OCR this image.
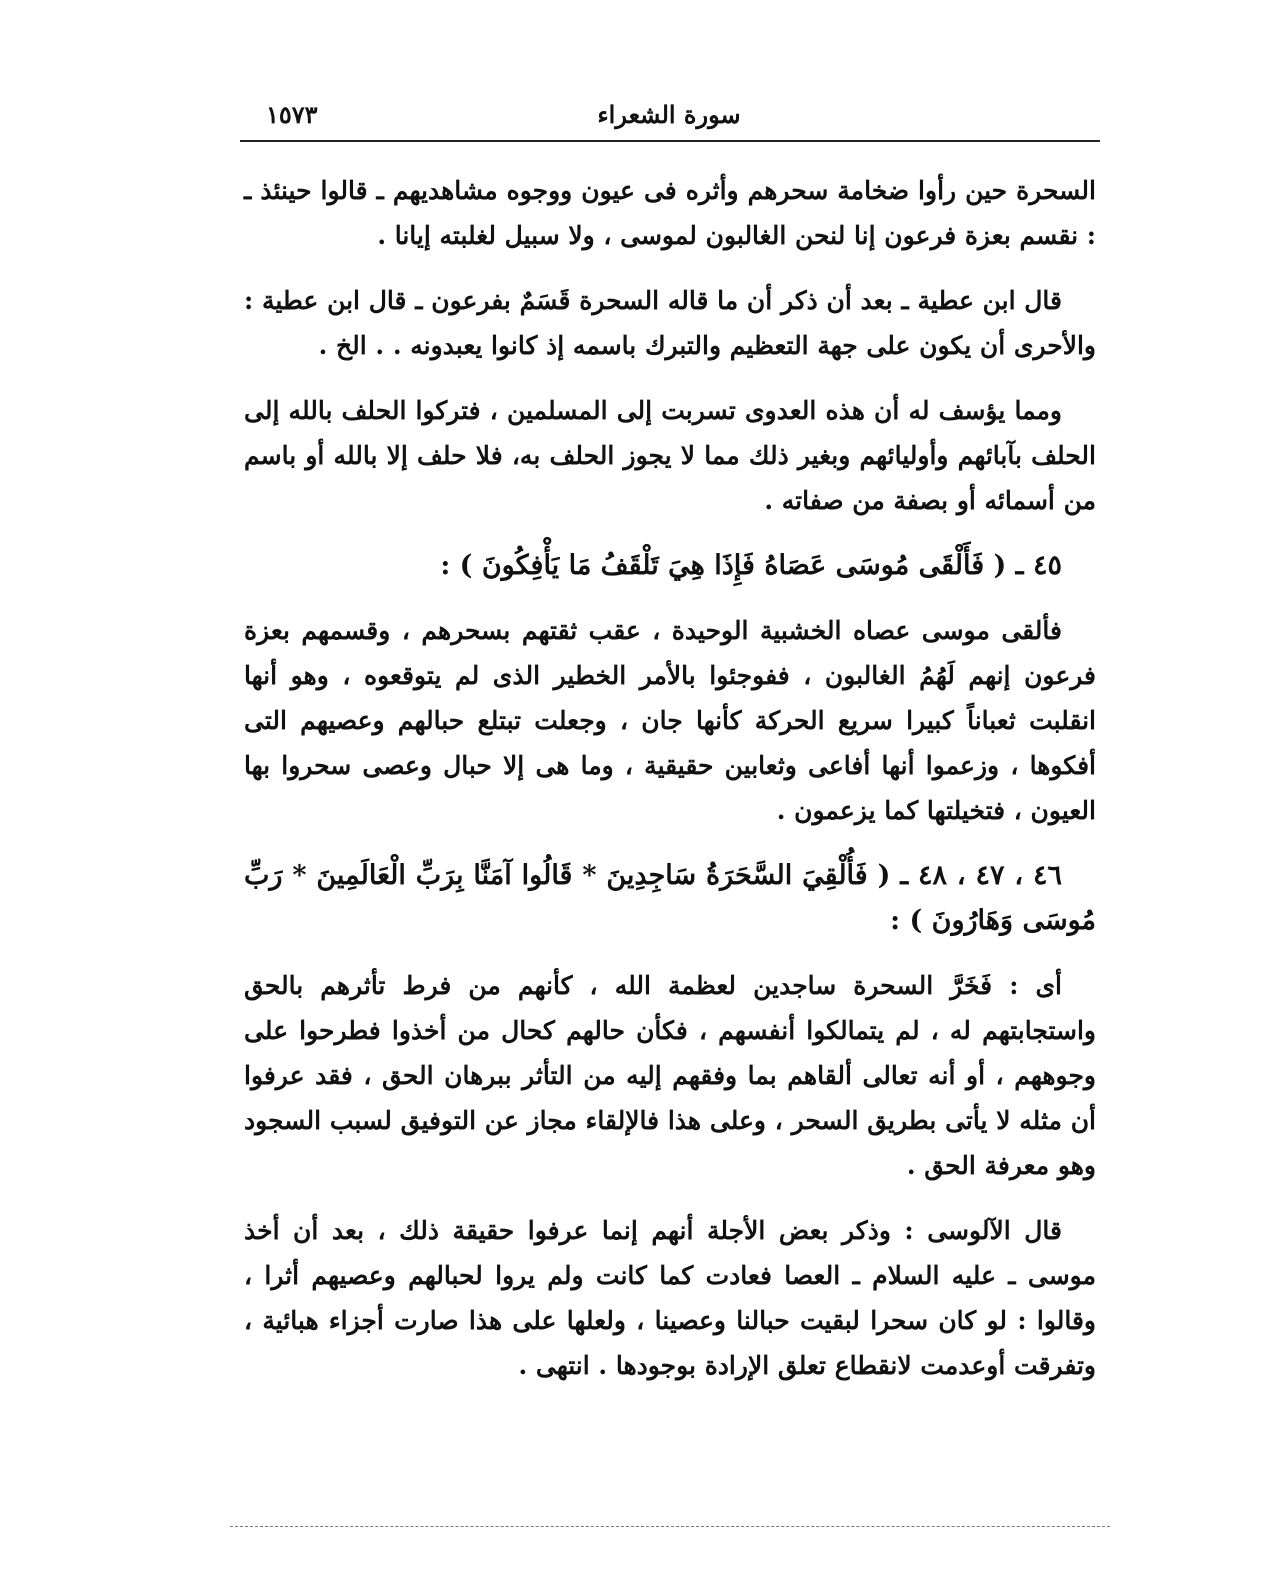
سورة الشعراء
١٥٧٣

السحرة حين رأوا ضخامة سحرهم وأثره فى عيون ووجوه مشاهديهم ـ قالوا حينئذ ـ : نقسم بعزة فرعون إنا لنحن الغالبون لموسى ، ولا سبيل لغلبته إيانا .

قال ابن عطية ـ بعد أن ذكر أن ما قاله السحرة قَسَمٌ بفرعون ـ قال ابن عطية : والأحرى أن يكون على جهة التعظيم والتبرك باسمه إذ كانوا يعبدونه . . الخ .

ومما يؤسف له أن هذه العدوى تسربت إلى المسلمين ، فتركوا الحلف بالله إلى الحلف بآبائهم وأوليائهم وبغير ذلك مما لا يجوز الحلف به، فلا حلف إلا بالله أو باسم من أسمائه أو بصفة من صفاته .

٤٥ ـ ( فَأَلْقَى مُوسَى عَصَاهُ فَإِذَا هِيَ تَلْقَفُ مَا يَأْفِكُونَ ) :

فألقى موسى عصاه الخشبية الوحيدة ، عقب ثقتهم بسحرهم ، وقسمهم بعزة فرعون إنهم لَهُمُ الغالبون ، ففوجئوا بالأمر الخطير الذى لم يتوقعوه ، وهو أنها انقلبت ثعباناً كبيرا سريع الحركة كأنها جان ، وجعلت تبتلع حبالهم وعصيهم التى أفكوها ، وزعموا أنها أفاعى وثعابين حقيقية ، وما هى إلا حبال وعصى سحروا بها العيون ، فتخيلتها كما يزعمون .

٤٦ ، ٤٧ ، ٤٨ ـ ( فَأُلْقِيَ السَّحَرَةُ سَاجِدِينَ * قَالُوا آمَنَّا بِرَبِّ الْعَالَمِينَ * رَبِّ مُوسَى وَهَارُونَ ) :

أى : فَخَرَّ السحرة ساجدين لعظمة الله ، كأنهم من فرط تأثرهم بالحق واستجابتهم له ، لم يتمالكوا أنفسهم ، فكأن حالهم كحال من أخذوا فطرحوا على وجوههم ، أو أنه تعالى ألقاهم بما وفقهم إليه من التأثر ببرهان الحق ، فقد عرفوا أن مثله لا يأتى بطريق السحر ، وعلى هذا فالإلقاء مجاز عن التوفيق لسبب السجود وهو معرفة الحق .

قال الآلوسى : وذكر بعض الأجلة أنهم إنما عرفوا حقيقة ذلك ، بعد أن أخذ موسى ـ عليه السلام ـ العصا فعادت كما كانت ولم يروا لحبالهم وعصيهم أثرا ، وقالوا : لو كان سحرا لبقيت حبالنا وعصينا ، ولعلها على هذا صارت أجزاء هبائية ، وتفرقت أوعدمت لانقطاع تعلق الإرادة بوجودها . انتهى .
